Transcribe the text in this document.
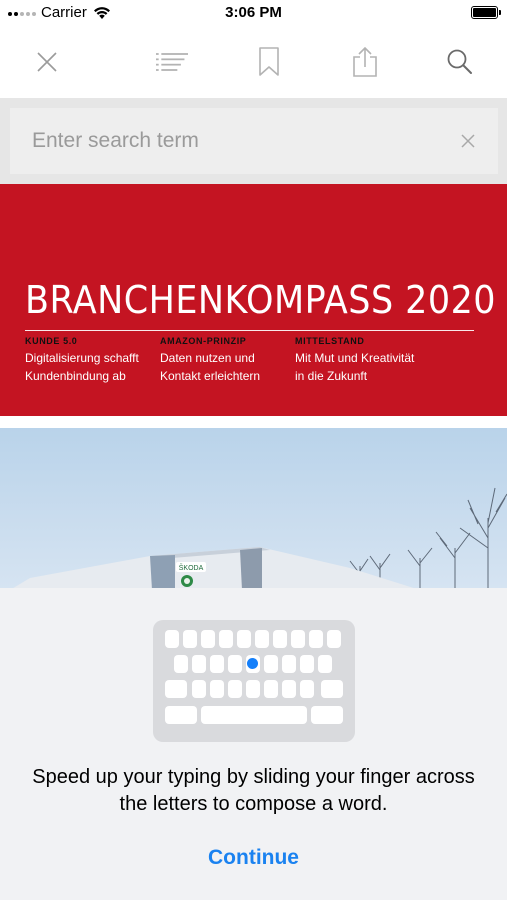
Carrier	3:06 PM
Enter search term
BRANCHENKOMPASS 2020
KUNDE 5.0
Digitalisierung schafft
Kundenbindung ab
AMAZON-PRINZIP
Daten nutzen und
Kontakt erleichtern
MITTELSTAND
Mit Mut und Kreativität
in die Zukunft
ŠKODA
Speed up your typing by sliding your finger across the letters to compose a word.
Continue
